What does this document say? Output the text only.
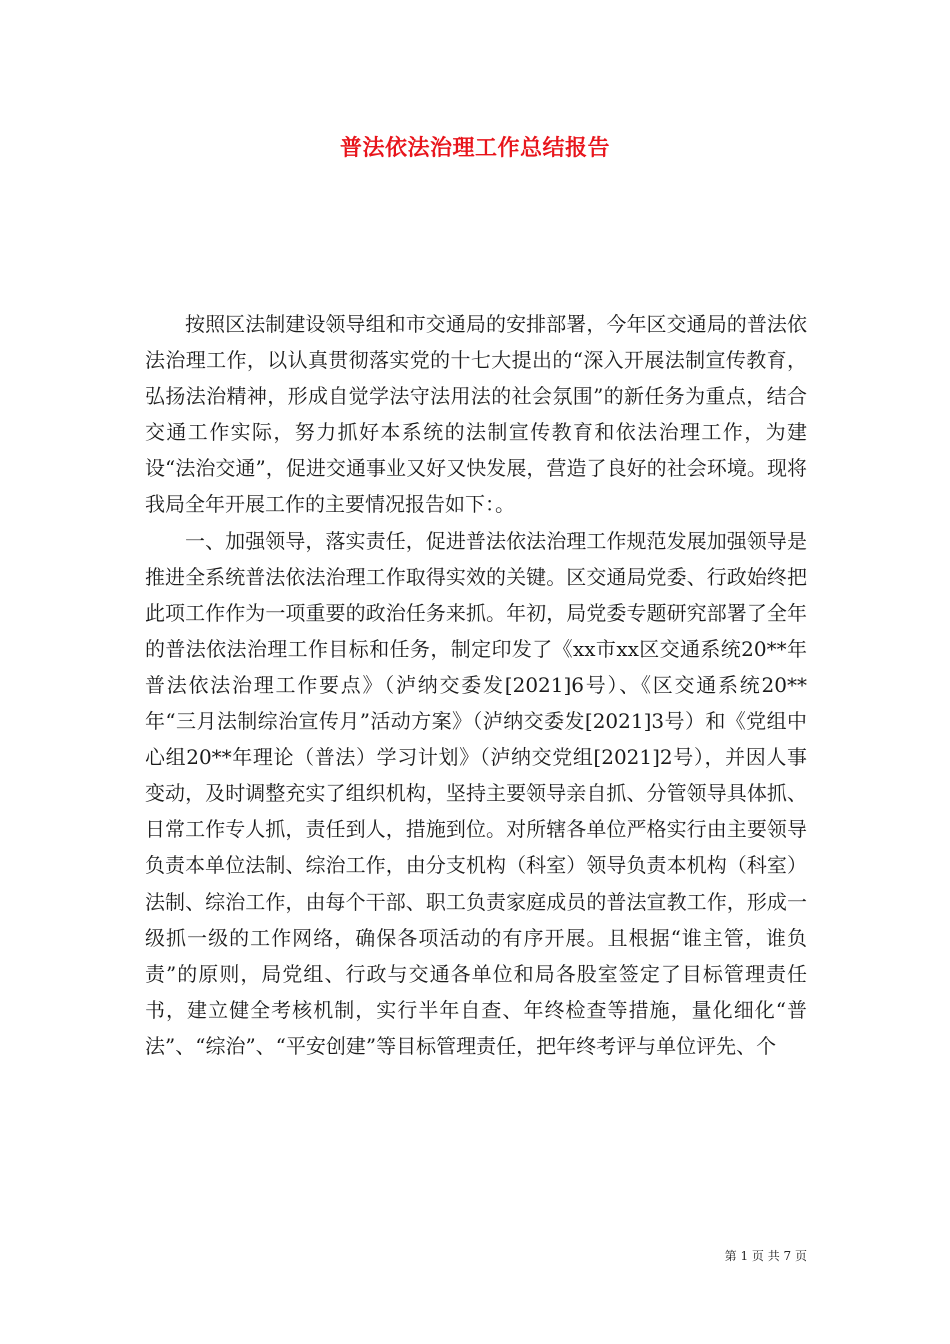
普法依法治理工作总结报告

按照区法制建设领导组和市交通局的安排部署，今年区交通局的普法依法治理工作，以认真贯彻落实党的十七大提出的“深入开展法制宣传教育，弘扬法治精神，形成自觉学法守法用法的社会氛围”的新任务为重点，结合交通工作实际，努力抓好本系统的法制宣传教育和依法治理工作，为建设“法治交通”，促进交通事业又好又快发展，营造了良好的社会环境。现将我局全年开展工作的主要情况报告如下：。

一、加强领导，落实责任，促进普法依法治理工作规范发展加强领导是推进全系统普法依法治理工作取得实效的关键。区交通局党委、行政始终把此项工作作为一项重要的政治任务来抓。年初，局党委专题研究部署了全年的普法依法治理工作目标和任务，制定印发了《xx市xx区交通系统20**年普法依法治理工作要点》（泸纳交委发[2021]6号）、《区交通系统20**年“三月法制综治宣传月”活动方案》（泸纳交委发[2021]3号）和《党组中心组20**年理论（普法）学习计划》（泸纳交党组[2021]2号），并因人事变动，及时调整充实了组织机构，坚持主要领导亲自抓、分管领导具体抓、日常工作专人抓，责任到人，措施到位。对所辖各单位严格实行由主要领导负责本单位法制、综治工作，由分支机构（科室）领导负责本机构（科室）法制、综治工作，由每个干部、职工负责家庭成员的普法宣教工作，形成一级抓一级的工作网络，确保各项活动的有序开展。且根据“谁主管，谁负责”的原则，局党组、行政与交通各单位和局各股室签定了目标管理责任书，建立健全考核机制，实行半年自查、年终检查等措施，量化细化“普法”、“综治”、“平安创建”等目标管理责任，把年终考评与单位评先、个

第 1 页 共 7 页
